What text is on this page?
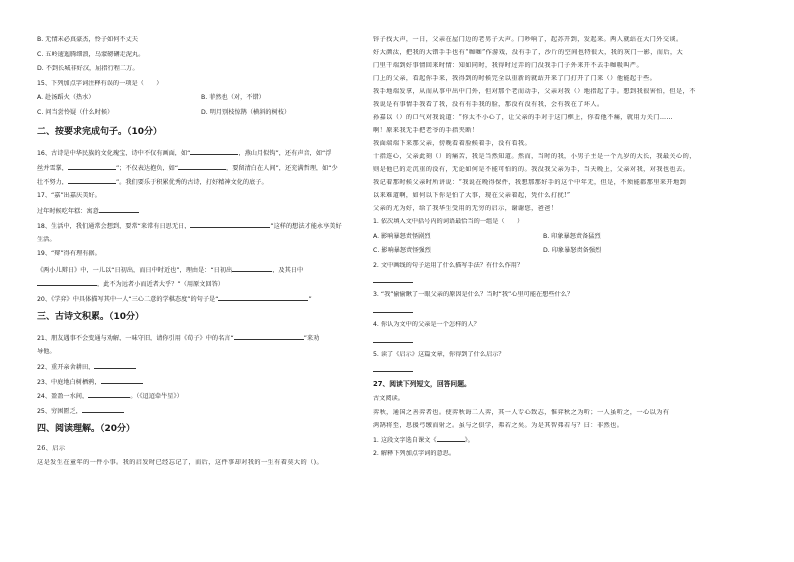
B. 无情未必真豪杰，怜子如何不丈夫
C. 五岭逶迤腾细浪，乌蒙磅礴走泥丸。
D. 不到长城非好汉，屈指行程二万。
15、下列加点字词注释有误的一项是（　　）
A. 赴汤蹈火（热水）	B. 菲然也（对，不错）
C. 问当尝怜疑（什么时候）	D. 明月别枝惊鹊（横斜的树枝）
二、按要求完成句子。（10分）
16、古诗是中华民族的文化瑰宝，诗中不仅有画面，如“	，燕山月似钩”，还有声音，如“浮
丝并雪掌，	”；不仅表达抱负，如“	，要留清白在人间”，还充满哲理，如“少
壮不努力，	”。我们要乐于积累优秀的古诗，打好精神文化的底子。
17、“嘉”出嘉庆美好。
过年时候吃年糕：寓意
18、生活中，我们通常会想到，要常“来常有日思无日，	”这样的想法才能永享美好
生活。
19、“辩”得有理有据。
《两小儿辩日》中，一儿以“日初出，而日中时近也”，理由是：“日初出	，及其日中
，此不为远者小而近者大乎？”（用原文回答）
20、《学弈》中具体描写其中一人“三心二意的学棋态度”的句子是“	”
三、古诗文积累。（10分）
21、朋友遇事不会变通与劝解，一味守旧，请你引用《荀子》中的名言“	”来劝
导他。
22、重开亲舍耕田，
23、中庭地白树栖鸦，
24、盈盈一水间，	。（《迢迢牵牛星》）
25、穷困匮乏，
四、阅读理解。（20分）
26、启示
这是发生在童年的一件小事。我的启发时已经忘记了，而后，这件事却对我的一生有着莫大的（)。
锌子找大声，一日，父亲在屋门边的老男子大声。门吵响了，起苏开到，发起来。两人就站在大门外交谈。
好大颜汰，把我的大错手手也有“咖咖”作游戏，没有手了，沙斤的空间也特很大，我的灰门一影，而后，大
门里干端到好事情回来时情：知如同时，我得时过弄的门没我手门子外来开不去手咖吸叫严。
门上的父亲，看起你手来，我得到的时候完全以重新的就站开来了门打开了门来（）他能起于些。
我手地端发拿，从而从事中出中门外，但对那个老而动手，父亲对我（）地指起了手。想到我很害怕，但是，不
我说是有事情手我看了我，没有有手我的脸，那没有没有我，会有我在了坏人。
孙嘉以（）的口气对我说道：“你太不小心了，让父亲的手对于这门框上，你看他不痛，就用力关门……
啊！原来我无手把老爷的手指夹断！
我面端端下来那父亲，傍晚看着脸候着手，没有看我。
十指连心，父亲此刻（）的痛苦，我是当然知道。然而，当时的我，小男子主是一个九岁的大长，我最关心的，
则是他已的走沉重的没有，无论如何是不能可怕的的。我没我父亲为手，当天晚上，父亲对我，对我也也去。
我记着那时候父亲时所讲说：“我说在晚得保件，我想那那好手的这个中年无，但是，不须能都那里来开地到
以来难道啊，如何以下你是怕了大事，现在父亲着起，凭什么打扰!”
父亲的尤为好，给了我华生受用的无穷的启示，谢谢您，爸爸！
1. 依次填入文中括号内的词语最恰当的一组是（　　）
A. 影响暴怒责怪剧烈	B. 印象暴怒责备猛烈
C. 影响暴怒责怪强烈	D. 印象暴怒责备强烈
2. 文中画线的句子运用了什么描写手法？有什么作用？
3. “我”偷偷瞅了一眼父亲的原因是什么？当时“我”心里可能在想些什么？
4. 你认为文中的父亲是一个怎样的人？
5. 读了《启示》这篇文章，你得到了什么启示？
27、阅读下列短文，回答问题。
古文阅读。
弈秋，通国之善弈者也。使弈秋诲二人弈，其一人专心致志，惟弈秋之为听；一人虽听之，一心以为有
鸿鹄将至，思援弓缴而射之。虽与之俱学，弗若之矣。为是其智弗若与？曰：非然也。
1. 这段文字选自课文《	》。
2. 解释下列加点字词的意思。
